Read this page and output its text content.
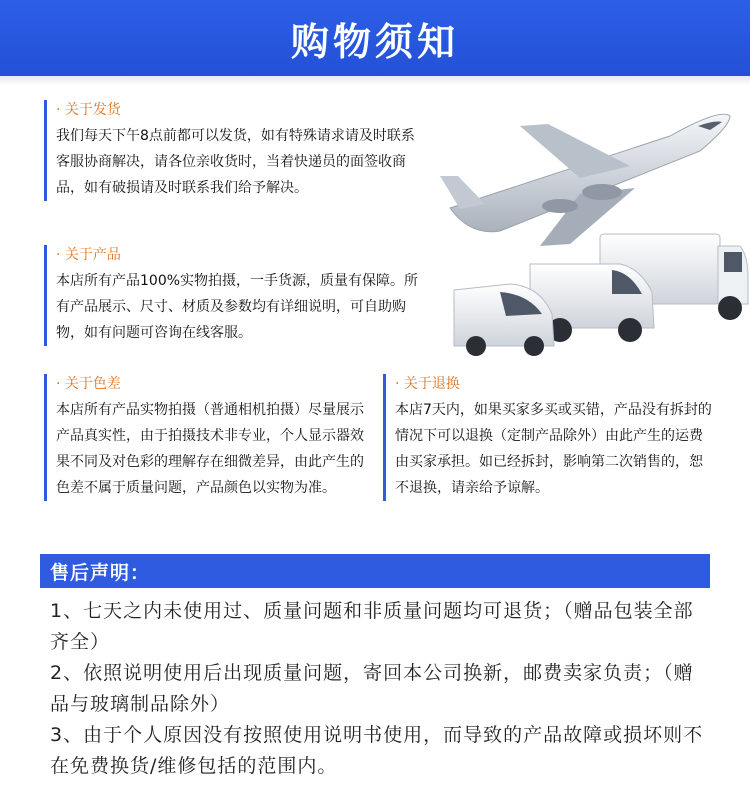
购物须知
· 关于发货
我们每天下午8点前都可以发货，如有特殊请求请及时联系客服协商解决，请各位亲收货时，当着快递员的面签收商品，如有破损请及时联系我们给予解决。
· 关于产品
本店所有产品100%实物拍摄，一手货源，质量有保障。所有产品展示、尺寸、材质及参数均有详细说明，可自助购物，如有问题可咨询在线客服。
· 关于色差
本店所有产品实物拍摄（普通相机拍摄）尽量展示产品真实性，由于拍摄技术非专业，个人显示器效果不同及对色彩的理解存在细微差异，由此产生的色差不属于质量问题，产品颜色以实物为准。
· 关于退换
本店7天内，如果买家多买或买错，产品没有拆封的情况下可以退换（定制产品除外）由此产生的运费由买家承担。如已经拆封，影响第二次销售的，恕不退换，请亲给予谅解。
售后声明：

1、七天之内未使用过、质量问题和非质量问题均可退货；（赠品包装全部齐全）

2、依照说明使用后出现质量问题，寄回本公司换新，邮费卖家负责；（赠品与玻璃制品除外）

3、由于个人原因没有按照使用说明书使用，而导致的产品故障或损坏则不在免费换货/维修包括的范围内。
